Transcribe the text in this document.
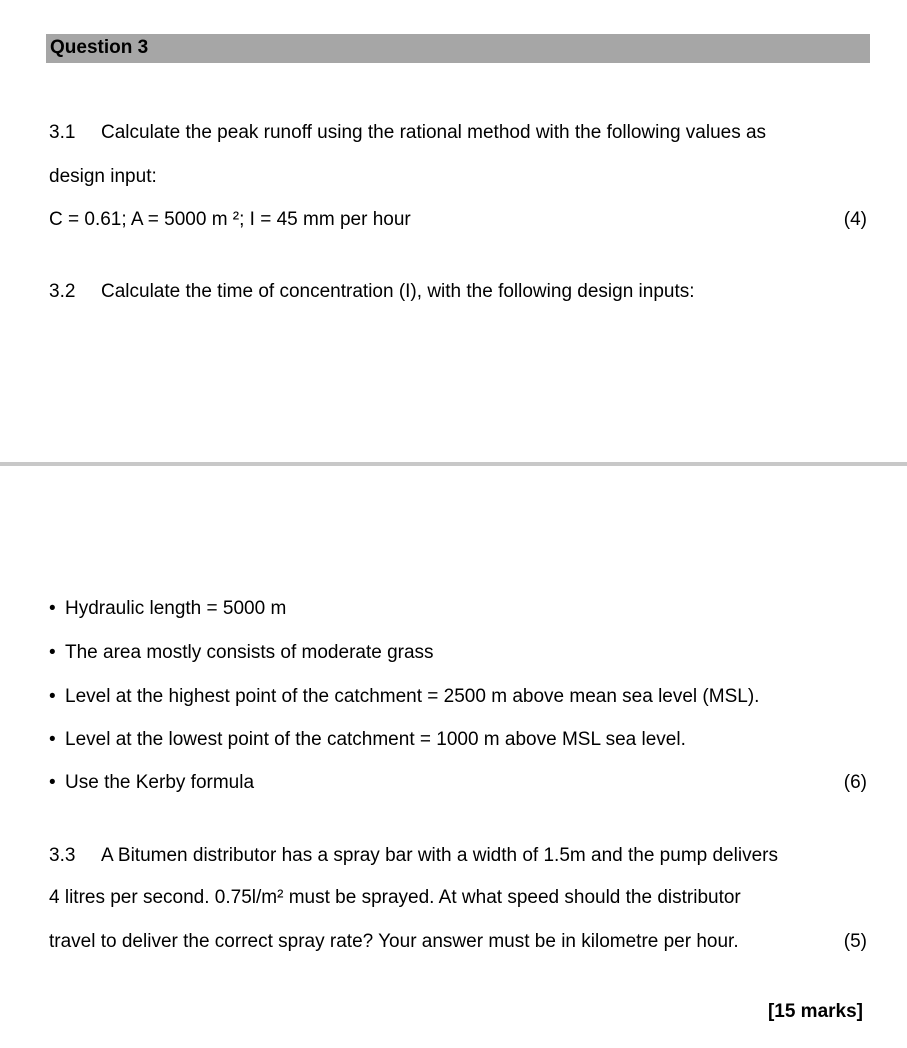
Question 3
3.1 Calculate the peak runoff using the rational method with the following values as
design input:
C = 0.61; A = 5000 m ²; I = 45 mm per hour	(4)
3.2 Calculate the time of concentration (I), with the following design inputs:
• Hydraulic length = 5000 m
• The area mostly consists of moderate grass
• Level at the highest point of the catchment = 2500 m above mean sea level (MSL).
• Level at the lowest point of the catchment = 1000 m above MSL sea level.
• Use the Kerby formula	(6)
3.3 A Bitumen distributor has a spray bar with a width of 1.5m and the pump delivers
4 litres per second. 0.75l/m² must be sprayed. At what speed should the distributor
travel to deliver the correct spray rate? Your answer must be in kilometre per hour.	(5)
[15 marks]
